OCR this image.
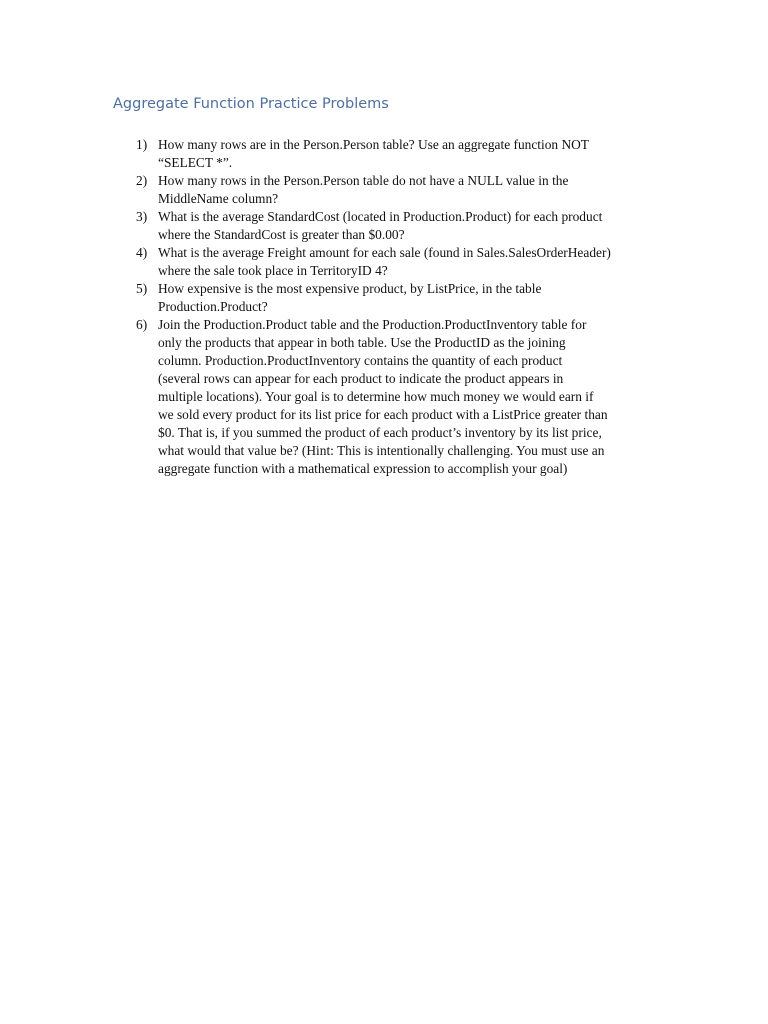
Aggregate Function Practice Problems
1) How many rows are in the Person.Person table? Use an aggregate function NOT
“SELECT *”.
2) How many rows in the Person.Person table do not have a NULL value in the
MiddleName column?
3) What is the average StandardCost (located in Production.Product) for each product
where the StandardCost is greater than $0.00?
4) What is the average Freight amount for each sale (found in Sales.SalesOrderHeader)
where the sale took place in TerritoryID 4?
5) How expensive is the most expensive product, by ListPrice, in the table
Production.Product?
6) Join the Production.Product table and the Production.ProductInventory table for
only the products that appear in both table. Use the ProductID as the joining
column. Production.ProductInventory contains the quantity of each product
(several rows can appear for each product to indicate the product appears in
multiple locations). Your goal is to determine how much money we would earn if
we sold every product for its list price for each product with a ListPrice greater than
$0. That is, if you summed the product of each product’s inventory by its list price,
what would that value be? (Hint: This is intentionally challenging. You must use an
aggregate function with a mathematical expression to accomplish your goal)
